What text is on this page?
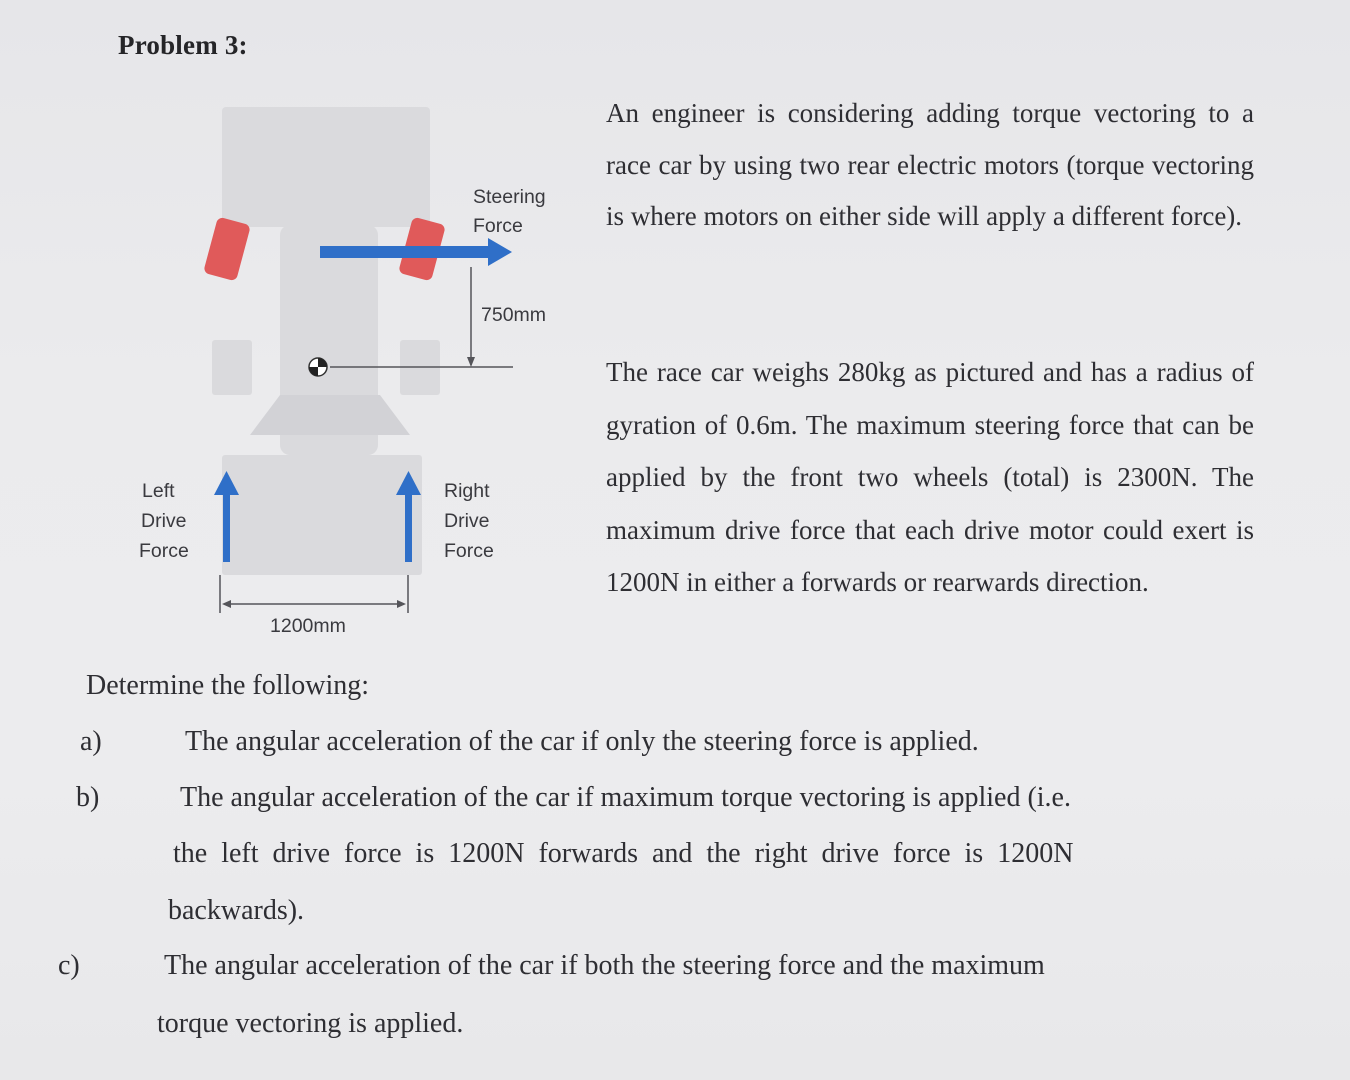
Problem 3:
Steering
Force
750mm
Left
Drive
Force
Right
Drive
Force
1200mm

An engineer is considering adding torque vectoring to a race car by using two rear electric motors (torque vectoring is where motors on either side will apply a different force).

The race car weighs 280kg as pictured and has a radius of gyration of 0.6m. The maximum steering force that can be applied by the front two wheels (total) is 2300N. The maximum drive force that each drive motor could exert is 1200N in either a forwards or rearwards direction.

Determine the following:
a)	The angular acceleration of the car if only the steering force is applied.
b)	The angular acceleration of the car if maximum torque vectoring is applied (i.e.
the left drive force is 1200N forwards and the right drive force is 1200N
backwards).
c)	The angular acceleration of the car if both the steering force and the maximum
torque vectoring is applied.
